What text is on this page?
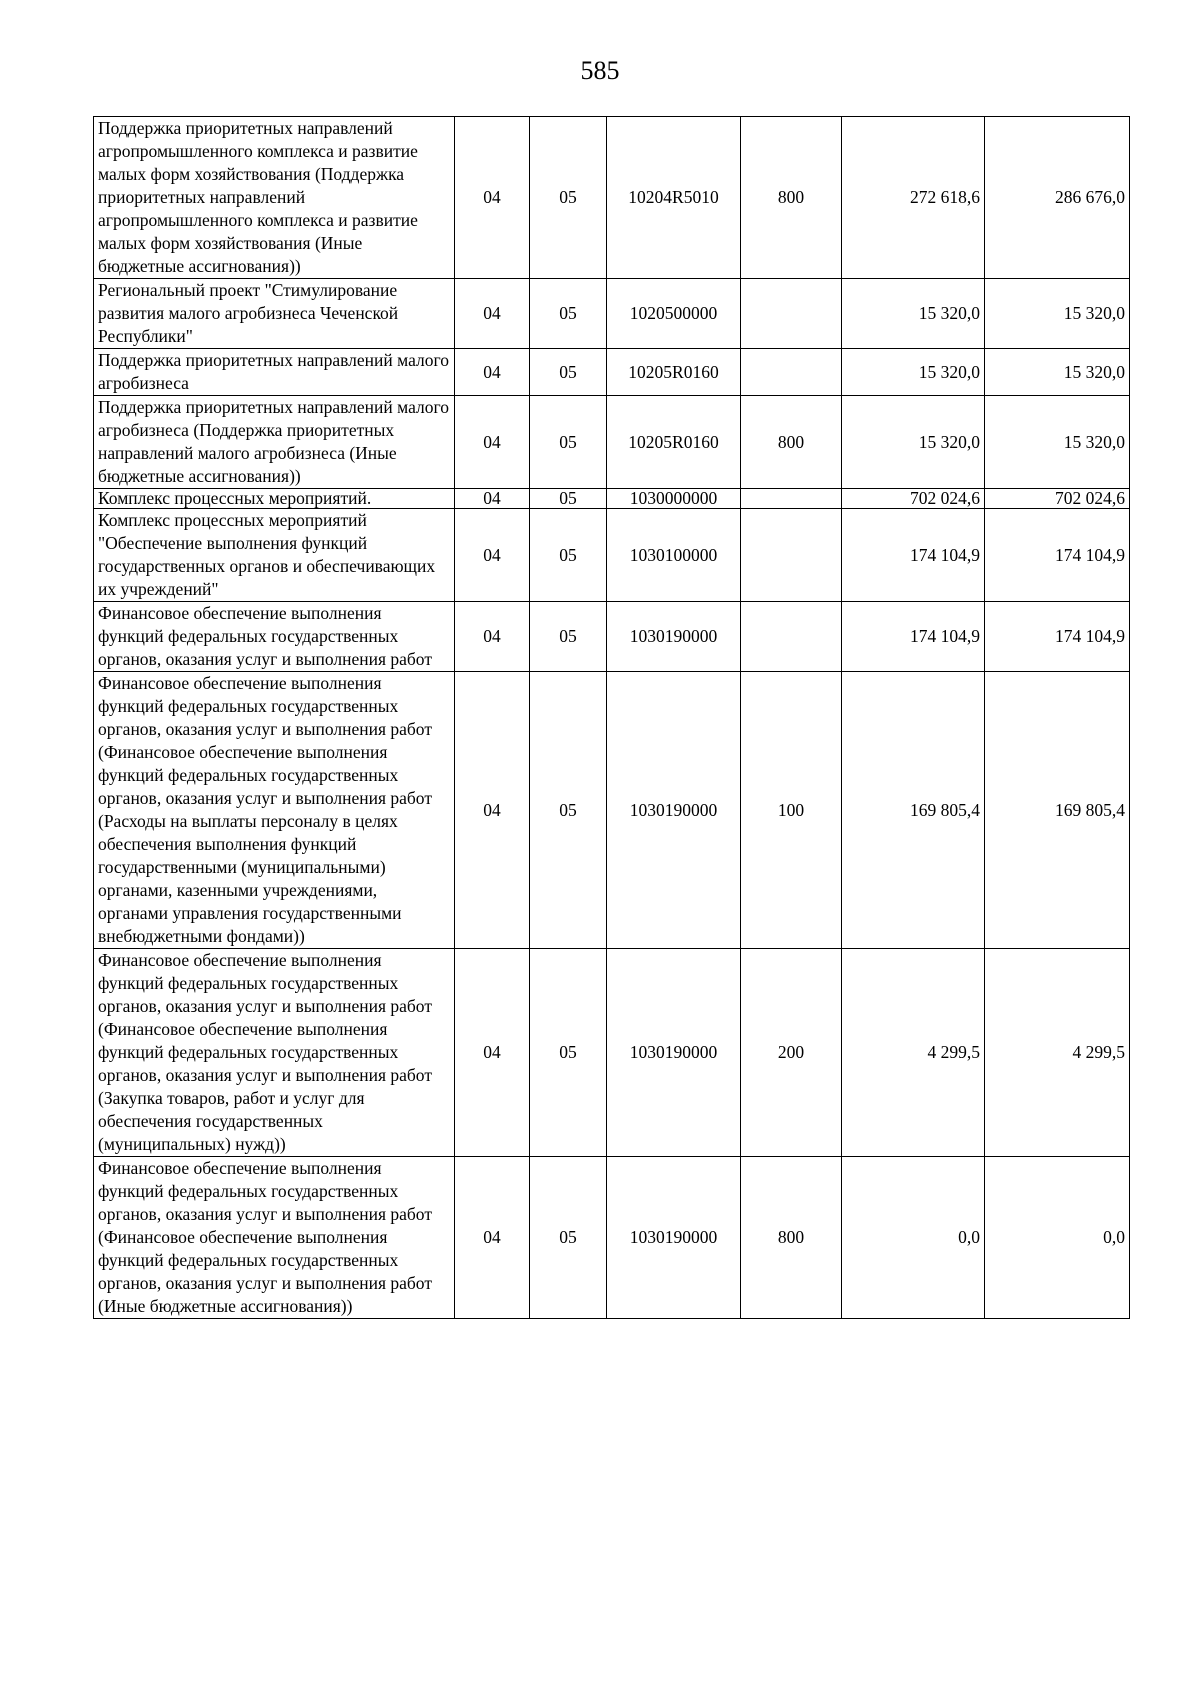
585
Поддержка приоритетных направлений агропромышленного комплекса и развитие малых форм хозяйствования (Поддержка приоритетных направлений агропромышленного комплекса и развитие малых форм хозяйствования (Иные бюджетные ассигнования))	04	05	10204R5010	800	272 618,6	286 676,0
Региональный проект "Стимулирование развития малого агробизнеса Чеченской Республики"	04	05	1020500000		15 320,0	15 320,0
Поддержка приоритетных направлений малого агробизнеса	04	05	10205R0160		15 320,0	15 320,0
Поддержка приоритетных направлений малого агробизнеса (Поддержка приоритетных направлений малого агробизнеса (Иные бюджетные ассигнования))	04	05	10205R0160	800	15 320,0	15 320,0
Комплекс процессных мероприятий.	04	05	1030000000		702 024,6	702 024,6
Комплекс процессных мероприятий "Обеспечение выполнения функций государственных органов и обеспечивающих их учреждений"	04	05	1030100000		174 104,9	174 104,9
Финансовое обеспечение выполнения функций федеральных государственных органов, оказания услуг и выполнения работ	04	05	1030190000		174 104,9	174 104,9
Финансовое обеспечение выполнения функций федеральных государственных органов, оказания услуг и выполнения работ (Финансовое обеспечение выполнения функций федеральных государственных органов, оказания услуг и выполнения работ (Расходы на выплаты персоналу в целях обеспечения выполнения функций государственными (муниципальными) органами, казенными учреждениями, органами управления государственными внебюджетными фондами))	04	05	1030190000	100	169 805,4	169 805,4
Финансовое обеспечение выполнения функций федеральных государственных органов, оказания услуг и выполнения работ (Финансовое обеспечение выполнения функций федеральных государственных органов, оказания услуг и выполнения работ (Закупка товаров, работ и услуг для обеспечения государственных (муниципальных) нужд))	04	05	1030190000	200	4 299,5	4 299,5
Финансовое обеспечение выполнения функций федеральных государственных органов, оказания услуг и выполнения работ (Финансовое обеспечение выполнения функций федеральных государственных органов, оказания услуг и выполнения работ (Иные бюджетные ассигнования))	04	05	1030190000	800	0,0	0,0
